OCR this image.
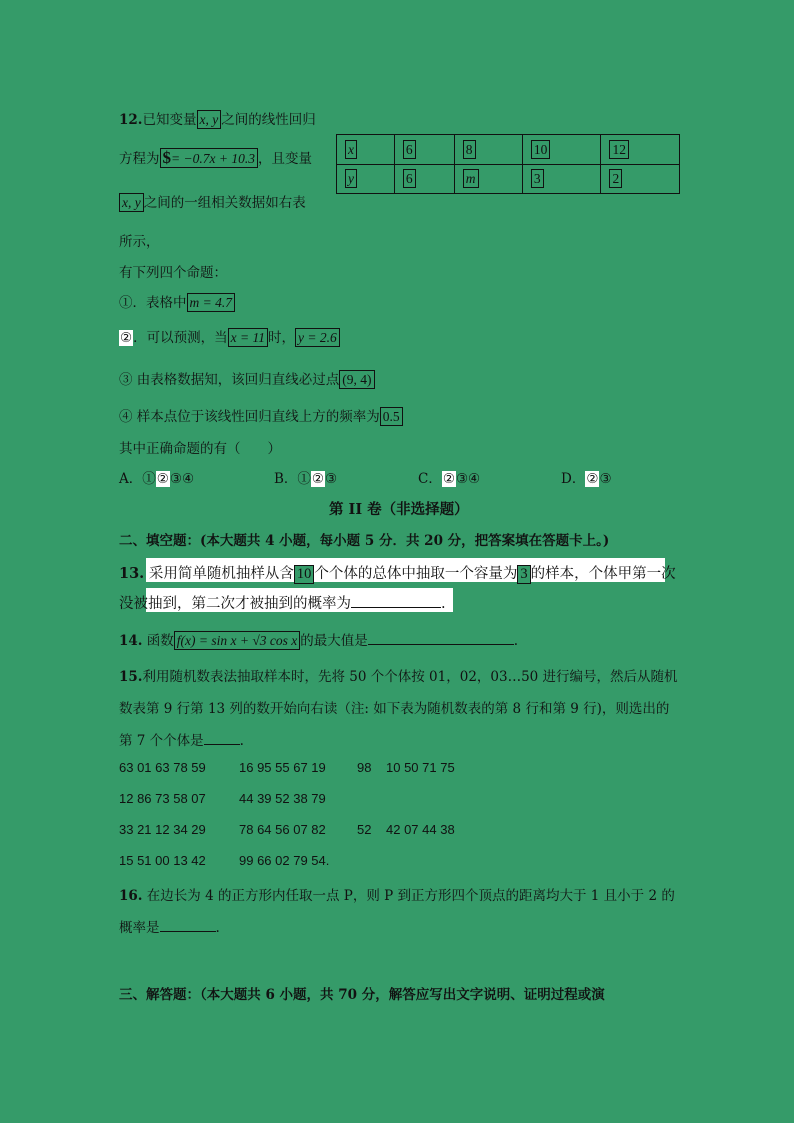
12.已知变量 x, y 之间的线性回归
方程为 $= −0.7x + 10.3 ，且变量
x, y 之间的一组相关数据如右表
所示，
有下列四个命题：
x	6	8	10	12
y	6	m	3	2
①．表格中 m = 4.7
②．可以预测，当 x = 11 时， y = 2.6
③ 由表格数据知，该回归直线必过点 (9, 4)
④ 样本点位于该线性回归直线上方的频率为 0.5
其中正确命题的有（　　）
A．①②③④	B．①②③	C．②③④	D．②③
第 II 卷（非选择题）
二、填空题：(本大题共 4 小题，每小题 5 分．共 20 分，把答案填在答题卡上。)
13. 采用简单随机抽样从含 10 个个体的总体中抽取一个容量为 3 的样本，个体甲第一次
没被抽到，第二次才被抽到的概率为	.
14. 函数 f(x) = sin x + √3 cos x 的最大值是	.
15.利用随机数表法抽取样本时，先将 50 个个体按 01，02，03…50 进行编号，然后从随机
数表第 9 行第 13 列的数开始向右读（注: 如下表为随机数表的第 8 行和第 9 行)，则选出的
第 7 个个体是	.
63 01 63 78 59	16 95 55 67 19 98 10 50 71 75
12 86 73 58 07	44 39 52 38 79
33 21 12 34 29	78 64 56 07 82 52 42 07 44 38
15 51 00 13 42	99 66 02 79 54.
16. 在边长为 4 的正方形内任取一点 P，则 P 到正方形四个顶点的距离均大于 1 且小于 2 的
概率是	.
三、解答题：（本大题共 6 小题，共 70 分，解答应写出文字说明、证明过程或演
